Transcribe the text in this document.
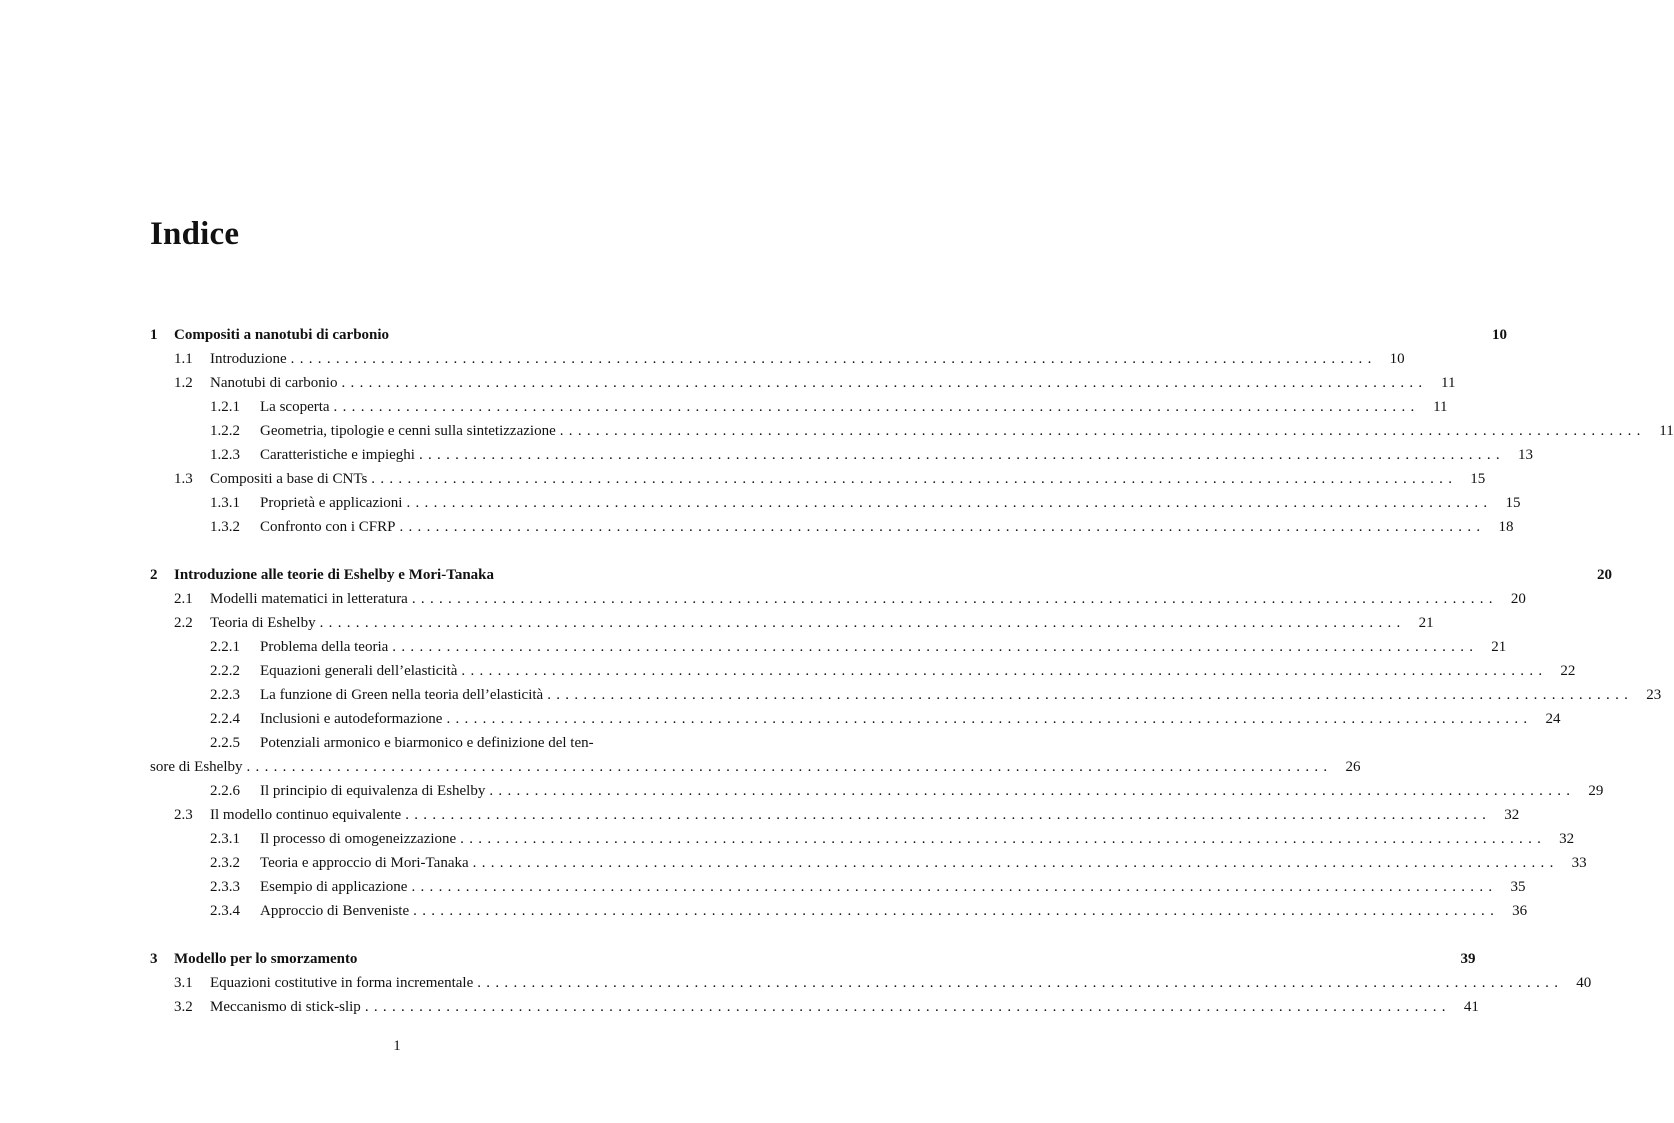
Indice
1	Compositi a nanotubi di carbonio	10
1.1	Introduzione ........................................................................................................................ 10
1.2	Nanotubi di carbonio ........................................................................................................................ 11
1.2.1	La scoperta ........................................................................................................................ 11
1.2.2	Geometria, tipologie e cenni sulla sintetizzazione ........................................................................................................................ 11
1.2.3	Caratteristiche e impieghi ........................................................................................................................ 13
1.3	Compositi a base di CNTs ........................................................................................................................ 15
1.3.1	Proprietà e applicazioni ........................................................................................................................ 15
1.3.2	Confronto con i CFRP ........................................................................................................................ 18
2	Introduzione alle teorie di Eshelby e Mori-Tanaka	20
2.1	Modelli matematici in letteratura ........................................................................................................................ 20
2.2	Teoria di Eshelby ........................................................................................................................ 21
2.2.1	Problema della teoria ........................................................................................................................ 21
2.2.2	Equazioni generali dell’elasticità ........................................................................................................................ 22
2.2.3	La funzione di Green nella teoria dell’elasticità ........................................................................................................................ 23
2.2.4	Inclusioni e autodeformazione ........................................................................................................................ 24
2.2.5	Potenziali armonico e biarmonico e definizione del ten-
sore di Eshelby ........................................................................................................................ 26
2.2.6	Il principio di equivalenza di Eshelby ........................................................................................................................ 29
2.3	Il modello continuo equivalente ........................................................................................................................ 32
2.3.1	Il processo di omogeneizzazione ........................................................................................................................ 32
2.3.2	Teoria e approccio di Mori-Tanaka ........................................................................................................................ 33
2.3.3	Esempio di applicazione ........................................................................................................................ 35
2.3.4	Approccio di Benveniste ........................................................................................................................ 36
3	Modello per lo smorzamento	39
3.1	Equazioni costitutive in forma incrementale ........................................................................................................................ 40
3.2	Meccanismo di stick-slip ........................................................................................................................ 41
1
